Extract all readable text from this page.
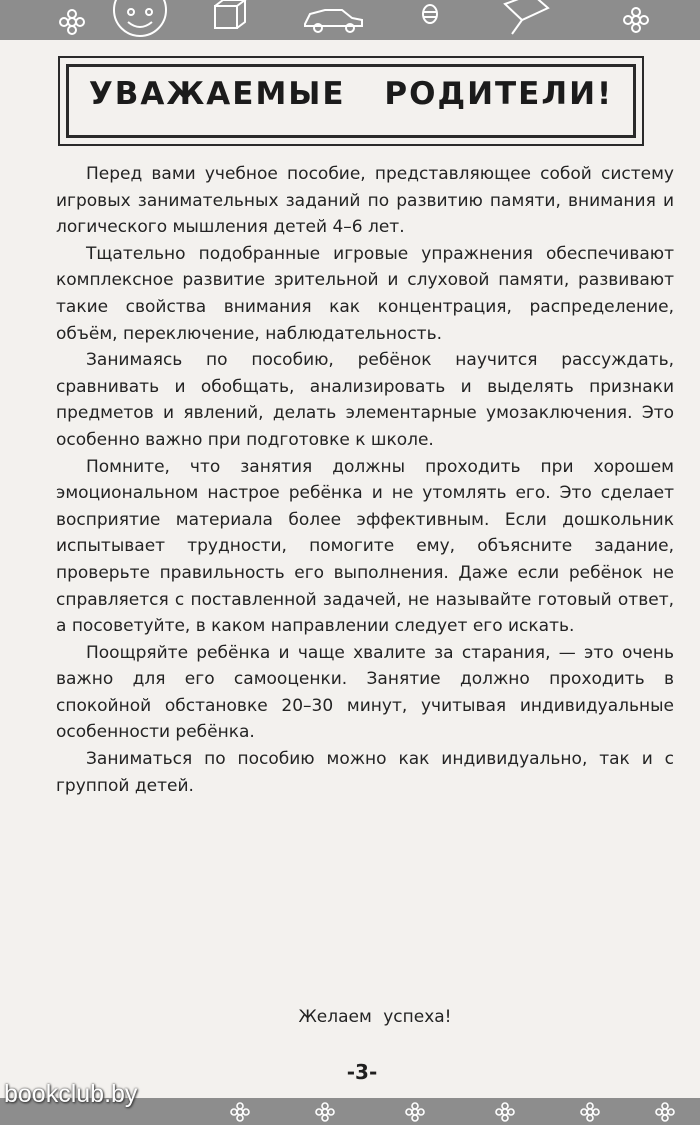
УВАЖАЕМЫЕ РОДИТЕЛИ!

Перед вами учебное пособие, представляющее собой систему игровых занимательных заданий по развитию памяти, внимания и логического мышления детей 4–6 лет.

Тщательно подобранные игровые упражнения обеспечивают комплексное развитие зрительной и слуховой памяти, развивают такие свойства внимания как концентрация, распределение, объём, переключение, наблюдательность.

Занимаясь по пособию, ребёнок научится рассуждать, сравнивать и обобщать, анализировать и выделять признаки предметов и явлений, делать элементарные умозаключения. Это особенно важно при подготовке к школе.

Помните, что занятия должны проходить при хорошем эмоциональном настрое ребёнка и не утомлять его. Это сделает восприятие материала более эффективным. Если дошкольник испытывает трудности, помогите ему, объясните задание, проверьте правильность его выполнения. Даже если ребёнок не справляется с поставленной задачей, не называйте готовый ответ, а посоветуйте, в каком направлении следует его искать.

Поощряйте ребёнка и чаще хвалите за старания, — это очень важно для его самооценки. Занятие должно проходить в спокойной обстановке 20–30 минут, учитывая индивидуальные особенности ребёнка.

Заниматься по пособию можно как индивидуально, так и с группой детей.

Желаем успеха!
-3-
bookclub.by
